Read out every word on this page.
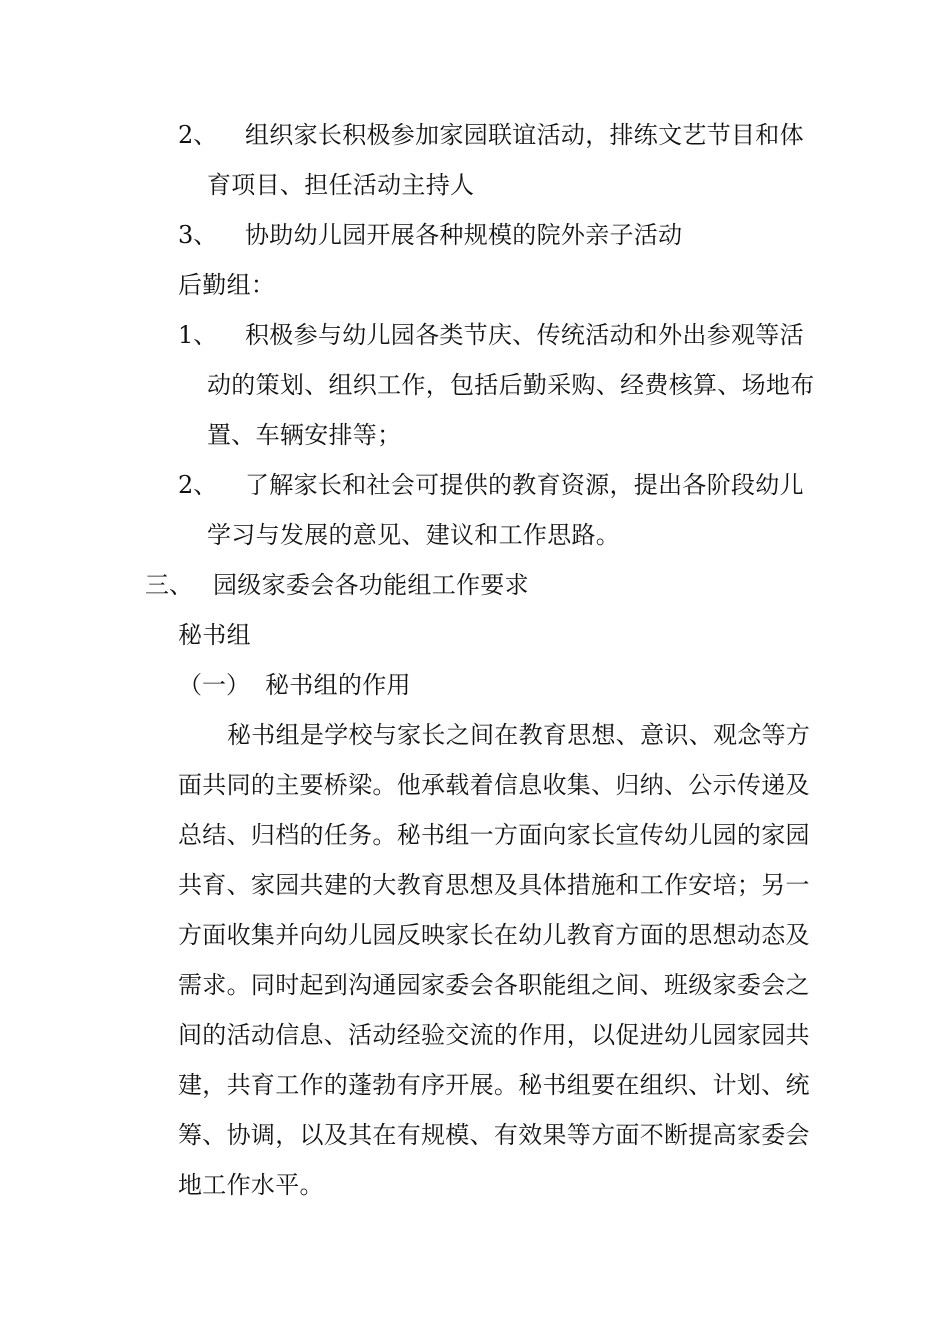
2、 组织家长积极参加家园联谊活动，排练文艺节目和体
育项目、担任活动主持人
3、 协助幼儿园开展各种规模的院外亲子活动
后勤组：
1、 积极参与幼儿园各类节庆、传统活动和外出参观等活
动的策划、组织工作，包括后勤采购、经费核算、场地布
置、车辆安排等；
2、 了解家长和社会可提供的教育资源，提出各阶段幼儿
学习与发展的意见、建议和工作思路。
三、 园级家委会各功能组工作要求
秘书组
（一） 秘书组的作用
秘书组是学校与家长之间在教育思想、意识、观念等方
面共同的主要桥梁。他承载着信息收集、归纳、公示传递及
总结、归档的任务。秘书组一方面向家长宣传幼儿园的家园
共育、家园共建的大教育思想及具体措施和工作安培；另一
方面收集并向幼儿园反映家长在幼儿教育方面的思想动态及
需求。同时起到沟通园家委会各职能组之间、班级家委会之
间的活动信息、活动经验交流的作用，以促进幼儿园家园共
建，共育工作的蓬勃有序开展。秘书组要在组织、计划、统
筹、协调，以及其在有规模、有效果等方面不断提高家委会
地工作水平。
